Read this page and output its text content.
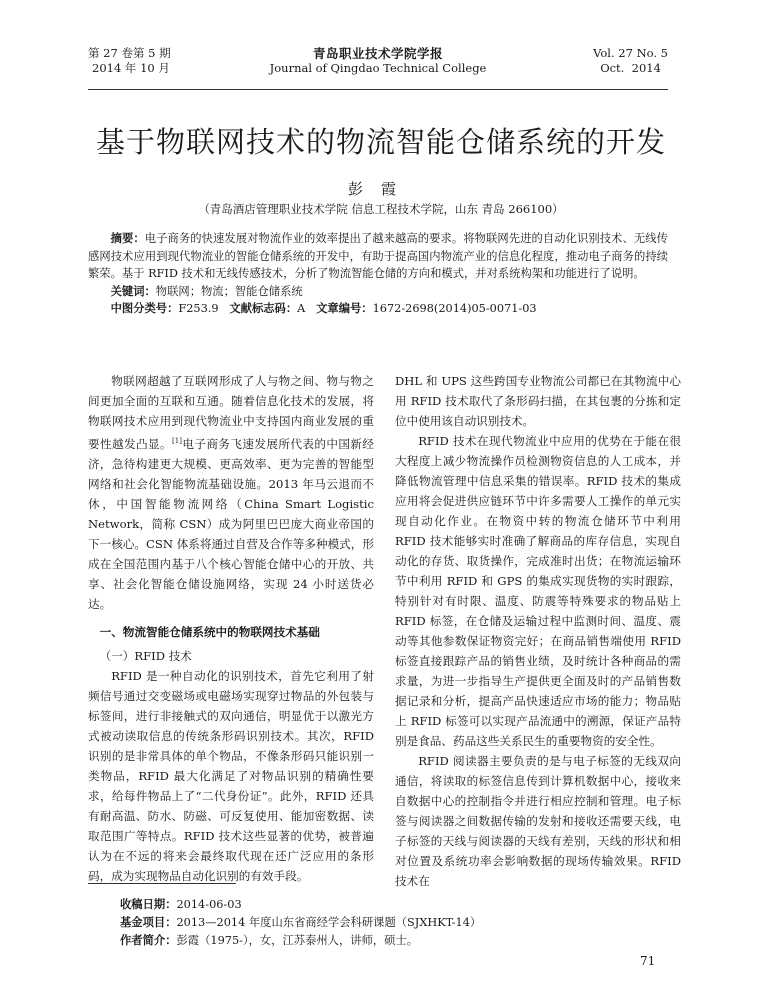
第 27 卷第 5 期
2014 年 10 月
青岛职业技术学院学报
Journal of Qingdao Technical College
Vol. 27 No. 5
Oct.  2014
基于物联网技术的物流智能仓储系统的开发
彭霞
（青岛酒店管理职业技术学院 信息工程技术学院，山东 青岛 266100）

摘要：电子商务的快速发展对物流作业的效率提出了越来越高的要求。将物联网先进的自动化识别技术、无线传感网技术应用到现代物流业的智能仓储系统的开发中，有助于提高国内物流产业的信息化程度，推动电子商务的持续繁荣。基于 RFID 技术和无线传感技术，分析了物流智能仓储的方向和模式，并对系统构架和功能进行了说明。

关键词：物联网；物流；智能仓储系统

中图分类号：F253.9 文献标志码：A 文章编号：1672-2698(2014)05-0071-03

物联网超越了互联网形成了人与物之间、物与物之间更加全面的互联和互通。随着信息化技术的发展，将物联网技术应用到现代物流业中支持国内商业发展的重要性越发凸显。[1]电子商务飞速发展所代表的中国新经济，急待构建更大规模、更高效率、更为完善的智能型网络和社会化智能物流基础设施。2013 年马云退而不休，中国智能物流网络（China Smart Logistic Network，简称 CSN）成为阿里巴巴庞大商业帝国的下一核心。CSN 体系将通过自营及合作等多种模式，形成在全国范围内基于八个核心智能仓储中心的开放、共享、社会化智能仓储设施网络，实现 24 小时送货必达。

一、物流智能仓储系统中的物联网技术基础

（一）RFID 技术

RFID 是一种自动化的识别技术，首先它利用了射频信号通过交变磁场或电磁场实现穿过物品的外包装与标签间，进行非接触式的双向通信，明显优于以激光方式被动读取信息的传统条形码识别技术。其次，RFID 识别的是非常具体的单个物品，不像条形码只能识别一类物品，RFID 最大化满足了对物品识别的精确性要求，给每件物品上了“二代身份证”。此外，RFID 还具有耐高温、防水、防磁、可反复使用、能加密数据、读取范围广等特点。RFID 技术这些显著的优势，被普遍认为在不远的将来会最终取代现在还广泛应用的条形码，成为实现物品自动化识别的有效手段。

DHL 和 UPS 这些跨国专业物流公司都已在其物流中心用 RFID 技术取代了条形码扫描，在其包裹的分拣和定位中使用该自动识别技术。

RFID 技术在现代物流业中应用的优势在于能在很大程度上减少物流操作员检测物资信息的人工成本，并降低物流管理中信息采集的错误率。RFID 技术的集成应用将会促进供应链环节中许多需要人工操作的单元实现自动化作业。在物资中转的物流仓储环节中利用 RFID 技术能够实时准确了解商品的库存信息，实现自动化的存货、取货操作，完成准时出货；在物流运输环节中利用 RFID 和 GPS 的集成实现货物的实时跟踪，特别针对有时限、温度、防震等特殊要求的物品贴上 RFID 标签，在仓储及运输过程中监测时间、温度、震动等其他参数保证物资完好；在商品销售端使用 RFID 标签直接跟踪产品的销售业绩，及时统计各种商品的需求量，为进一步指导生产提供更全面及时的产品销售数据记录和分析，提高产品快速适应市场的能力；物品贴上 RFID 标签可以实现产品流通中的溯源，保证产品特别是食品、药品这些关系民生的重要物资的安全性。

RFID 阅读器主要负责的是与电子标签的无线双向通信，将读取的标签信息传到计算机数据中心，接收来自数据中心的控制指令并进行相应控制和管理。电子标签与阅读器之间数据传输的发射和接收还需要天线，电子标签的天线与阅读器的天线有差别，天线的形状和相对位置及系统功率会影响数据的现场传输效果。RFID 技术在

收稿日期：2014-06-03

基金项目：2013—2014 年度山东省商经学会科研课题（SJXHKT-14）

作者简介：彭霞（1975-），女，江苏泰州人，讲师，硕士。

71
